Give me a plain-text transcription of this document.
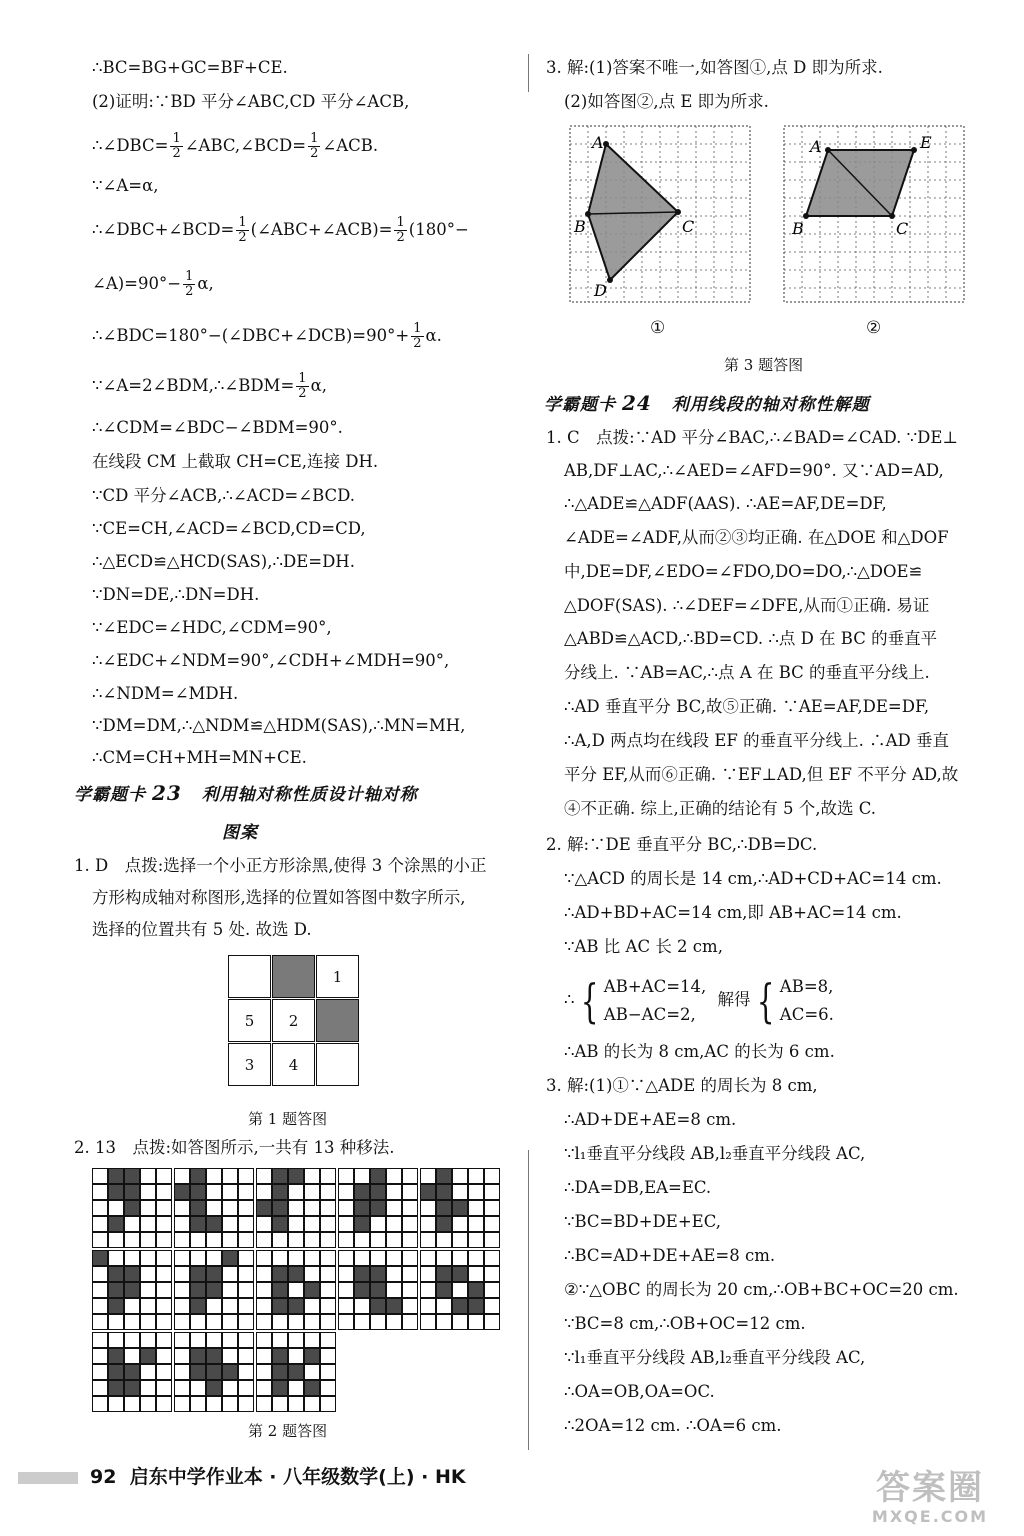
∴BC=BG+GC=BF+CE.
(2)证明:∵BD 平分∠ABC,CD 平分∠ACB,
∴∠DBC= $\frac{1}{2}$ ∠ABC,∠BCD= $\frac{1}{2}$ ∠ACB.
∵∠A=α,
∴∠DBC+∠BCD= $\frac{1}{2}$ (∠ABC+∠ACB)= $\frac{1}{2} (180^\circ-$
∠A)=90°− $\frac{1}{2} \alpha$,
∴∠BDC=180°−(∠DBC+∠DCB)=90°+ $\frac{1}{2} \alpha$.
∵∠A=2∠BDM,∴∠BDM= $\frac{1}{2} \alpha$,
∴∠CDM=∠BDC−∠BDM=90°.
在线段 CM 上截取 CH=CE,连接 DH.
∵CD 平分∠ACB,∴∠ACD=∠BCD.
∵CE=CH,∠ACD=∠BCD,CD=CD,
∴△ECD≌△HCD(SAS),∴DE=DH.
∵DN=DE,∴DN=DH.
∵∠EDC=∠HDC,∠CDM=90°,
∴∠EDC+∠NDM=90°,∠CDH+∠MDH=90°,
∴∠NDM=∠MDH.
∵DM=DM,∴△NDM≌△HDM(SAS),∴MN=MH,
∴CM=CH+MH=MN+CE.
学霸题卡 23 利用轴对称性质设计轴对称
图案
1. D　点拨:选择一个小正方形涂黑,使得 3 个涂黑的小正
方形构成轴对称图形,选择的位置如答图中数字所示,
选择的位置共有 5 处. 故选 D.
1
5	2
3	4
第 1 题答图
2. 13　点拨:如答图所示,一共有 13 种移法.
第 2 题答图
3. 解:(1)答案不唯一,如答图①,点 D 即为所求.
(2)如答图②,点 E 即为所求.
A
B	C
D
A	E
B	C
①	②
第 3 题答图
学霸题卡 24 利用线段的轴对称性解题
1. C　点拨:∵AD 平分∠BAC,∴∠BAD=∠CAD. ∵DE⊥
AB,DF⊥AC,∴∠AED=∠AFD=90°. 又∵AD=AD,
∴△ADE≌△ADF(AAS). ∴AE=AF,DE=DF,
∠ADE=∠ADF,从而②③均正确. 在△DOE 和△DOF
中,DE=DF,∠EDO=∠FDO,DO=DO,∴△DOE≌
△DOF(SAS). ∴∠DEF=∠DFE,从而①正确. 易证
△ABD≌△ACD,∴BD=CD. ∴点 D 在 BC 的垂直平
分线上. ∵AB=AC,∴点 A 在 BC 的垂直平分线上.
∴AD 垂直平分 BC,故⑤正确. ∵AE=AF,DE=DF,
∴A,D 两点均在线段 EF 的垂直平分线上. ∴AD 垂直
平分 EF,从而⑥正确. ∵EF⊥AD,但 EF 不平分 AD,故
④不正确. 综上,正确的结论有 5 个,故选 C.
2. 解:∵DE 垂直平分 BC,∴DB=DC.
∵△ACD 的周长是 14 cm,∴AD+CD+AC=14 cm.
∴AD+BD+AC=14 cm,即 AB+AC=14 cm.
∵AB 比 AC 长 2 cm,
∴ { AB+AC=14,
AB−AC=2,
解得 { AB=8,
AC=6.
∴AB 的长为 8 cm,AC 的长为 6 cm.
3. 解:(1)①∵△ADE 的周长为 8 cm,
∴AD+DE+AE=8 cm.
∵l₁垂直平分线段 AB,l₂垂直平分线段 AC,
∴DA=DB,EA=EC.
∵BC=BD+DE+EC,
∴BC=AD+DE+AE=8 cm.
②∵△OBC 的周长为 20 cm,∴OB+BC+OC=20 cm.
∵BC=8 cm,∴OB+OC=12 cm.
∵l₁垂直平分线段 AB,l₂垂直平分线段 AC,
∴OA=OB,OA=OC.
∴2OA=12 cm. ∴OA=6 cm.
92 启东中学作业本 · 八年级数学(上) · HK	答案圈
MXQE.COM
